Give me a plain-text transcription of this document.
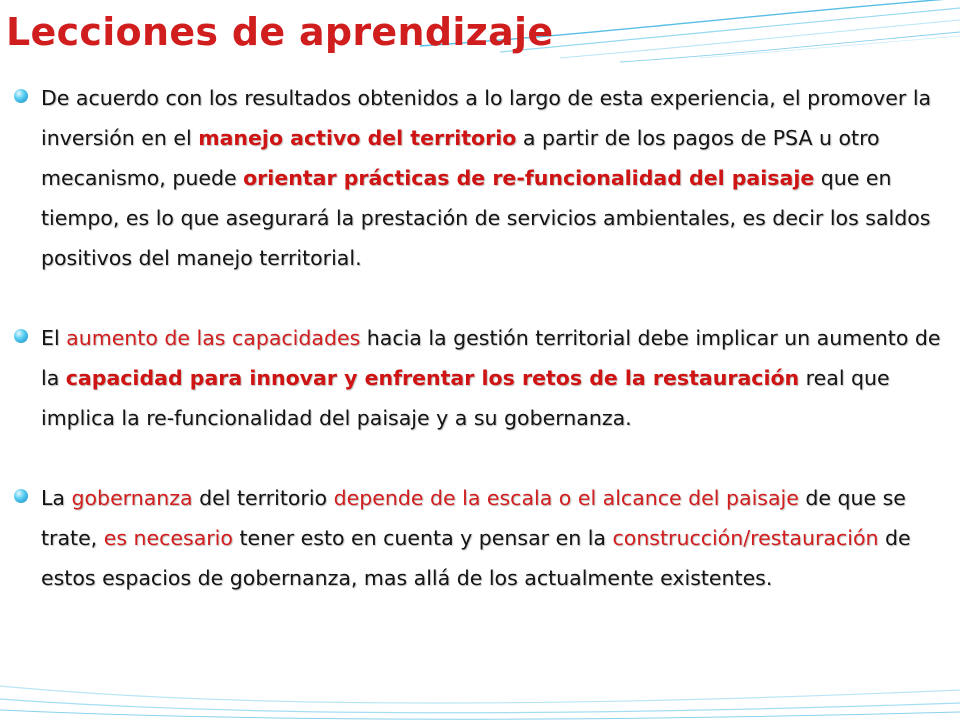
Lecciones de aprendizaje

De acuerdo con los resultados obtenidos a lo largo de esta experiencia, el promover la inversión en el manejo activo del territorio a partir de los pagos de PSA u otro mecanismo, puede orientar prácticas de re-funcionalidad del paisaje que en tiempo, es lo que asegurará la prestación de servicios ambientales, es decir los saldos positivos del manejo territorial.

El aumento de las capacidades hacia la gestión territorial debe implicar un aumento de la capacidad para innovar y enfrentar los retos de la restauración real que implica la re-funcionalidad del paisaje y a su gobernanza.

La gobernanza del territorio depende de la escala o el alcance del paisaje de que se trate, es necesario tener esto en cuenta y pensar en la construcción/restauración de estos espacios de gobernanza, mas allá de los actualmente existentes.
